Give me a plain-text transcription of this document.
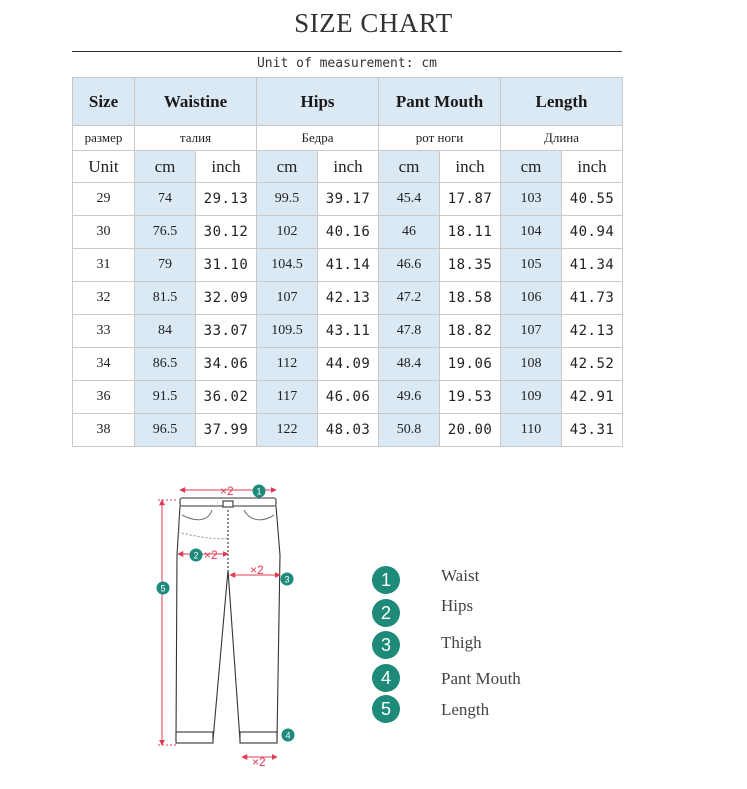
SIZE CHART
Unit of measurement: cm
Size	Waistine		Hips		Pant Mouth		Length	
размер	талия		Бедра		рот ноги		Длина	
Unit	cm	inch	cm	inch	cm	inch	cm	inch
29	74	29.13	99.5	39.17	45.4	17.87	103	40.55
30	76.5	30.12	102	40.16	46	18.11	104	40.94
31	79	31.10	104.5	41.14	46.6	18.35	105	41.34
32	81.5	32.09	107	42.13	47.2	18.58	106	41.73
33	84	33.07	109.5	43.11	47.8	18.82	107	42.13
34	86.5	34.06	112	44.09	48.4	19.06	108	42.52
36	91.5	36.02	117	46.06	49.6	19.53	109	42.91
38	96.5	37.99	122	48.03	50.8	20.00	110	43.31
×2
×2
×2
×2
1
2
3
4
5	1	Waist
2	Hips
3	Thigh
4	Pant Mouth
5	Length
